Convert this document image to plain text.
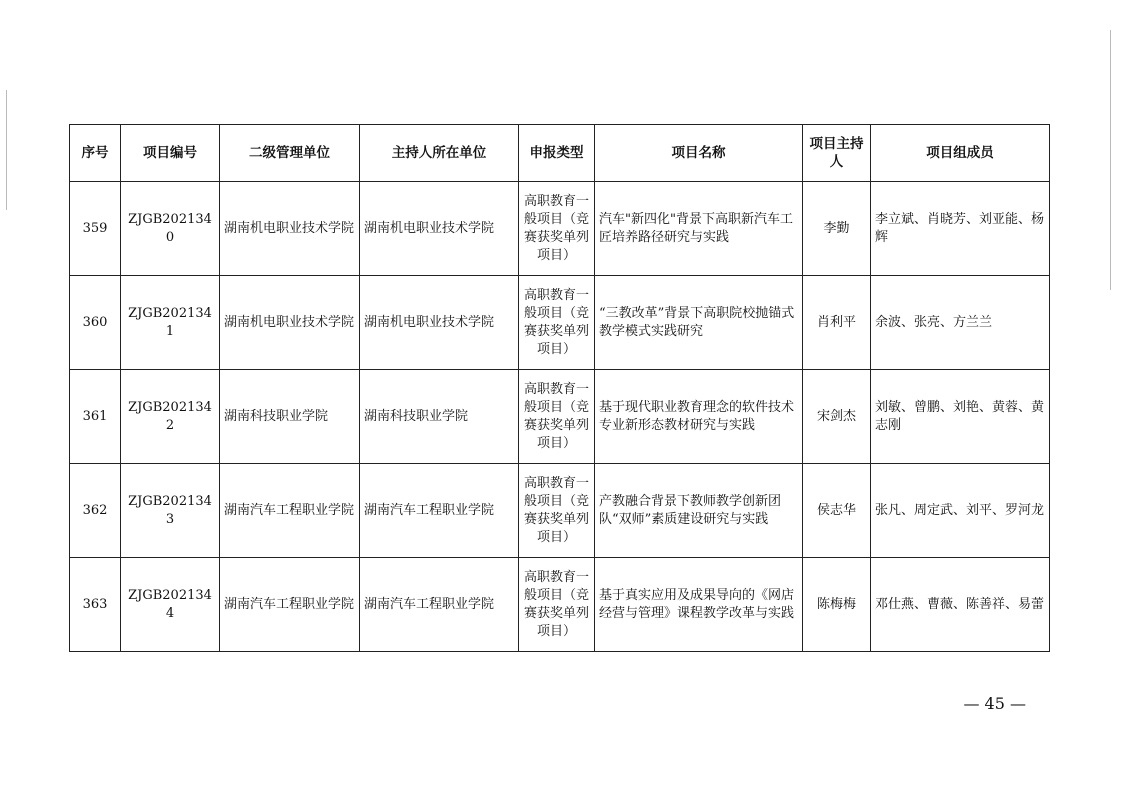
序号	项目编号	二级管理单位	主持人所在单位	申报类型	项目名称	项目主持人	项目组成员
359	ZJGB2021340	湖南机电职业技术学院	湖南机电职业技术学院	高职教育一般项目（竞赛获奖单列项目）	汽车"新四化"背景下高职新汽车工匠培养路径研究与实践	李勤	李立斌、肖晓芳、刘亚能、杨辉
360	ZJGB2021341	湖南机电职业技术学院	湖南机电职业技术学院	高职教育一般项目（竞赛获奖单列项目）	“三教改革”背景下高职院校抛锚式教学模式实践研究	肖利平	余波、张亮、方兰兰
361	ZJGB2021342	湖南科技职业学院	湖南科技职业学院	高职教育一般项目（竞赛获奖单列项目）	基于现代职业教育理念的软件技术专业新形态教材研究与实践	宋剑杰	刘敏、曾鹏、刘艳、黄蓉、黄志刚
362	ZJGB2021343	湖南汽车工程职业学院	湖南汽车工程职业学院	高职教育一般项目（竞赛获奖单列项目）	产教融合背景下教师教学创新团队“双师”素质建设研究与实践	侯志华	张凡、周定武、刘平、罗河龙
363	ZJGB2021344	湖南汽车工程职业学院	湖南汽车工程职业学院	高职教育一般项目（竞赛获奖单列项目）	基于真实应用及成果导向的《网店经营与管理》课程教学改革与实践	陈梅梅	邓仕燕、曹薇、陈善祥、易蕾
— 45 —
